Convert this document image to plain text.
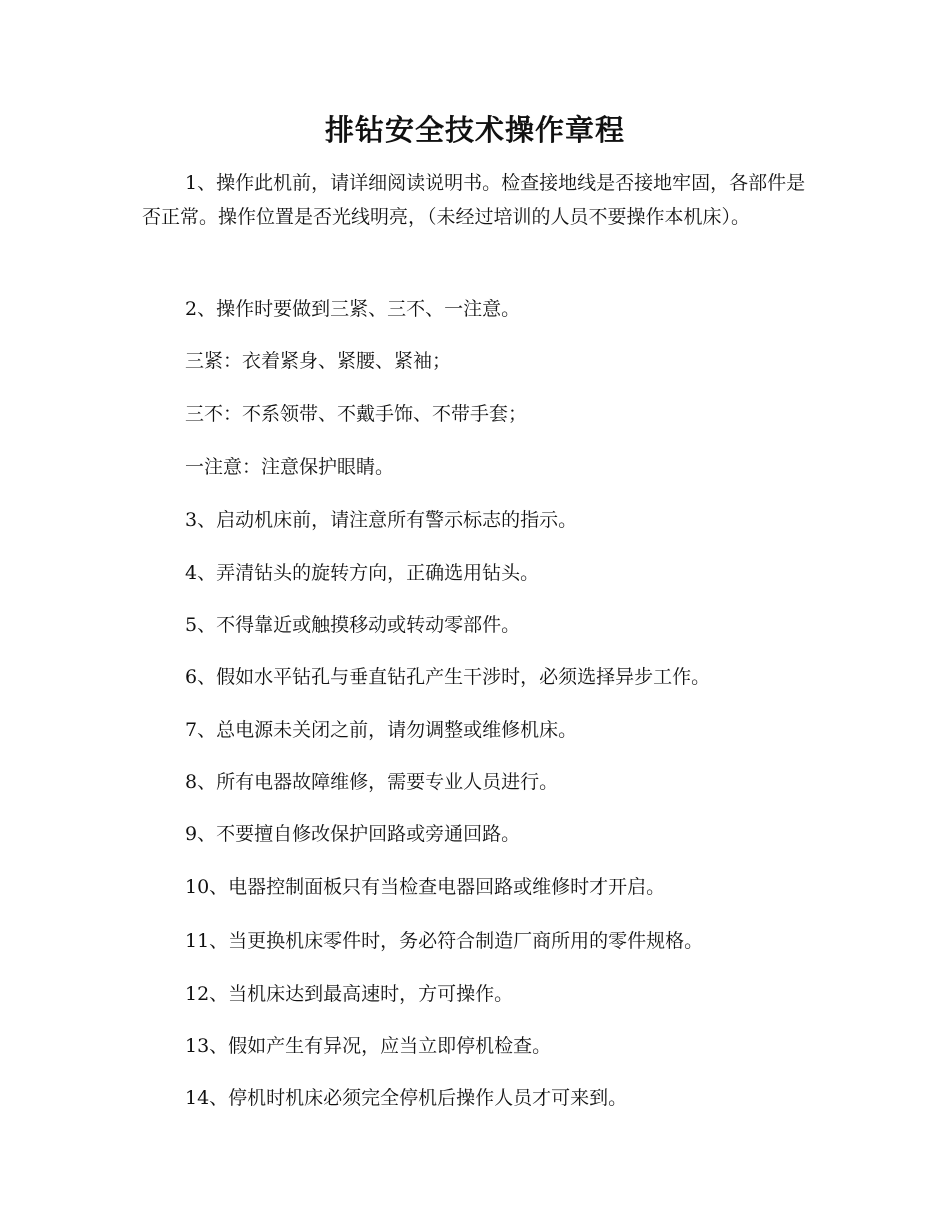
排钻安全技术操作章程

1、操作此机前，请详细阅读说明书。检查接地线是否接地牢固，各部件是否正常。操作位置是否光线明亮，（未经过培训的人员不要操作本机床）。

2、操作时要做到三紧、三不、一注意。

三紧：衣着紧身、紧腰、紧袖；

三不：不系领带、不戴手饰、不带手套；

一注意：注意保护眼睛。

3、启动机床前，请注意所有警示标志的指示。

4、弄清钻头的旋转方向，正确选用钻头。

5、不得靠近或触摸移动或转动零部件。

6、假如水平钻孔与垂直钻孔产生干涉时，必须选择异步工作。

7、总电源未关闭之前，请勿调整或维修机床。

8、所有电器故障维修，需要专业人员进行。

9、不要擅自修改保护回路或旁通回路。

10、电器控制面板只有当检查电器回路或维修时才开启。

11、当更换机床零件时，务必符合制造厂商所用的零件规格。

12、当机床达到最高速时，方可操作。

13、假如产生有异况，应当立即停机检查。

14、停机时机床必须完全停机后操作人员才可来到。
